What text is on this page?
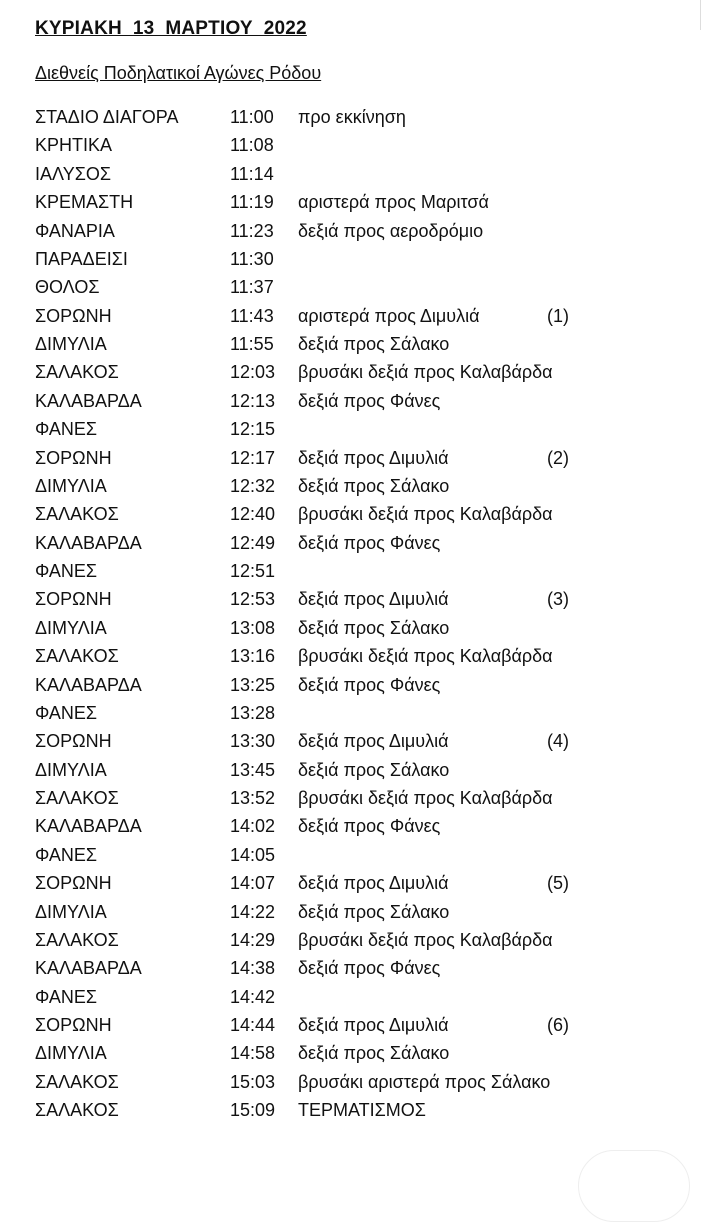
ΚΥΡΙΑΚΗ  13  ΜΑΡΤΙΟΥ  2022
Διεθνείς Ποδηλατικοί Αγώνες Ρόδου
ΣΤΑΔΙΟ ΔΙΑΓΟΡΑ	11:00 προ εκκίνηση
ΚΡΗΤΙΚΑ	11:08
ΙΑΛΥΣΟΣ	11:14
ΚΡΕΜΑΣΤΗ	11:19 αριστερά προς Μαριτσά
ΦΑΝΑΡΙΑ	11:23 δεξιά προς αεροδρόμιο
ΠΑΡΑΔΕΙΣΙ	11:30
ΘΟΛΟΣ	11:37
ΣΟΡΩΝΗ	11:43 αριστερά προς Διμυλιά	(1)
ΔΙΜΥΛΙΑ	11:55 δεξιά προς Σάλακο
ΣΑΛΑΚΟΣ	12:03 βρυσάκι δεξιά προς Καλαβάρδα
ΚΑΛΑΒΑΡΔΑ	12:13 δεξιά προς Φάνες
ΦΑΝΕΣ	12:15
ΣΟΡΩΝΗ	12:17 δεξιά προς Διμυλιά	(2)
ΔΙΜΥΛΙΑ	12:32 δεξιά προς Σάλακο
ΣΑΛΑΚΟΣ	12:40 βρυσάκι δεξιά προς Καλαβάρδα
ΚΑΛΑΒΑΡΔΑ	12:49 δεξιά προς Φάνες
ΦΑΝΕΣ	12:51
ΣΟΡΩΝΗ	12:53 δεξιά προς Διμυλιά	(3)
ΔΙΜΥΛΙΑ	13:08 δεξιά προς Σάλακο
ΣΑΛΑΚΟΣ	13:16 βρυσάκι δεξιά προς Καλαβάρδα
ΚΑΛΑΒΑΡΔΑ	13:25 δεξιά προς Φάνες
ΦΑΝΕΣ	13:28
ΣΟΡΩΝΗ	13:30 δεξιά προς Διμυλιά	(4)
ΔΙΜΥΛΙΑ	13:45 δεξιά προς Σάλακο
ΣΑΛΑΚΟΣ	13:52 βρυσάκι δεξιά προς Καλαβάρδα
ΚΑΛΑΒΑΡΔΑ	14:02 δεξιά προς Φάνες
ΦΑΝΕΣ	14:05
ΣΟΡΩΝΗ	14:07 δεξιά προς Διμυλιά	(5)
ΔΙΜΥΛΙΑ	14:22 δεξιά προς Σάλακο
ΣΑΛΑΚΟΣ	14:29 βρυσάκι δεξιά προς Καλαβάρδα
ΚΑΛΑΒΑΡΔΑ	14:38 δεξιά προς Φάνες
ΦΑΝΕΣ	14:42
ΣΟΡΩΝΗ	14:44 δεξιά προς Διμυλιά	(6)
ΔΙΜΥΛΙΑ	14:58 δεξιά προς Σάλακο
ΣΑΛΑΚΟΣ	15:03 βρυσάκι αριστερά προς Σάλακο
ΣΑΛΑΚΟΣ	15:09 ΤΕΡΜΑΤΙΣΜΟΣ
